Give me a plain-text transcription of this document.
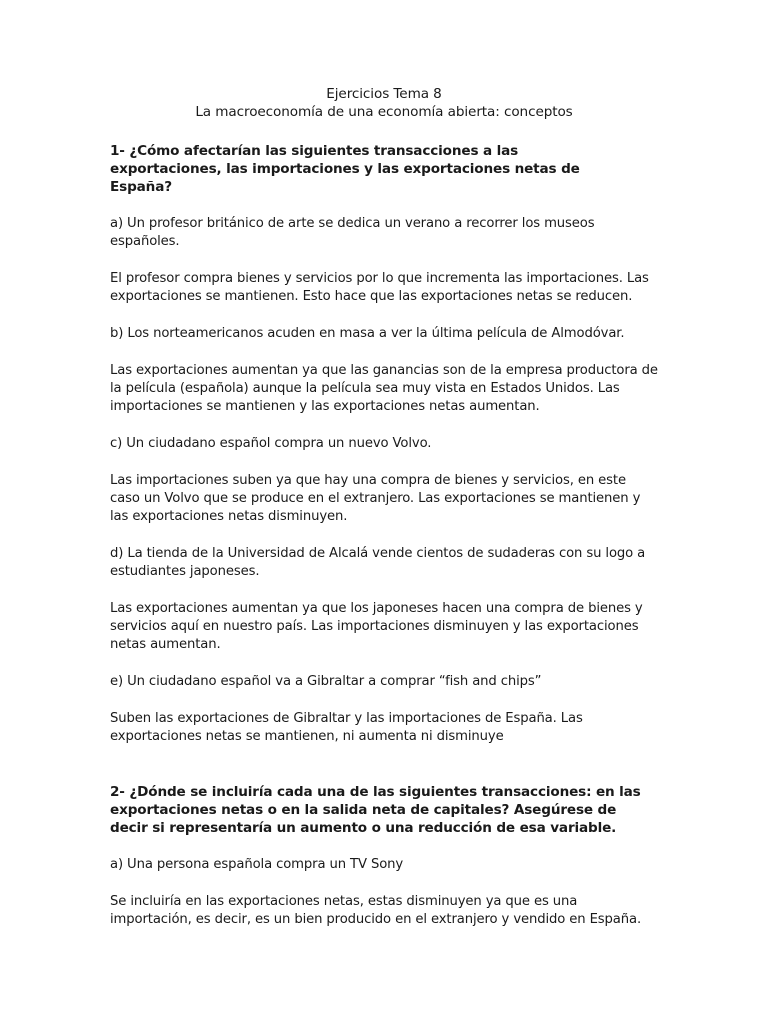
Ejercicios Tema 8

La macroeconomía de una economía abierta: conceptos

1- ¿Cómo afectarían las siguientes transacciones a las exportaciones, las importaciones y las exportaciones netas de España?

a) Un profesor británico de arte se dedica un verano a recorrer los museos españoles.

El profesor compra bienes y servicios por lo que incrementa las importaciones. Las exportaciones se mantienen. Esto hace que las exportaciones netas se reducen.

b) Los norteamericanos acuden en masa a ver la última película de Almodóvar.

Las exportaciones aumentan ya que las ganancias son de la empresa productora de la película (española) aunque la película sea muy vista en Estados Unidos. Las importaciones se mantienen y las exportaciones netas aumentan.

c) Un ciudadano español compra un nuevo Volvo.

Las importaciones suben ya que hay una compra de bienes y servicios, en este caso un Volvo que se produce en el extranjero. Las exportaciones se mantienen y las exportaciones netas disminuyen.

d) La tienda de la Universidad de Alcalá vende cientos de sudaderas con su logo a estudiantes japoneses.

Las exportaciones aumentan ya que los japoneses hacen una compra de bienes y servicios aquí en nuestro país. Las importaciones disminuyen y las exportaciones netas aumentan.

e) Un ciudadano español va a Gibraltar a comprar “fish and chips”

Suben las exportaciones de Gibraltar y las importaciones de España. Las exportaciones netas se mantienen, ni aumenta ni disminuye

2- ¿Dónde se incluiría cada una de las siguientes transacciones: en las exportaciones netas o en la salida neta de capitales? Asegúrese de decir si representaría un aumento o una reducción de esa variable.

a) Una persona española compra un TV Sony

Se incluiría en las exportaciones netas, estas disminuyen ya que es una importación, es decir, es un bien producido en el extranjero y vendido en España.
